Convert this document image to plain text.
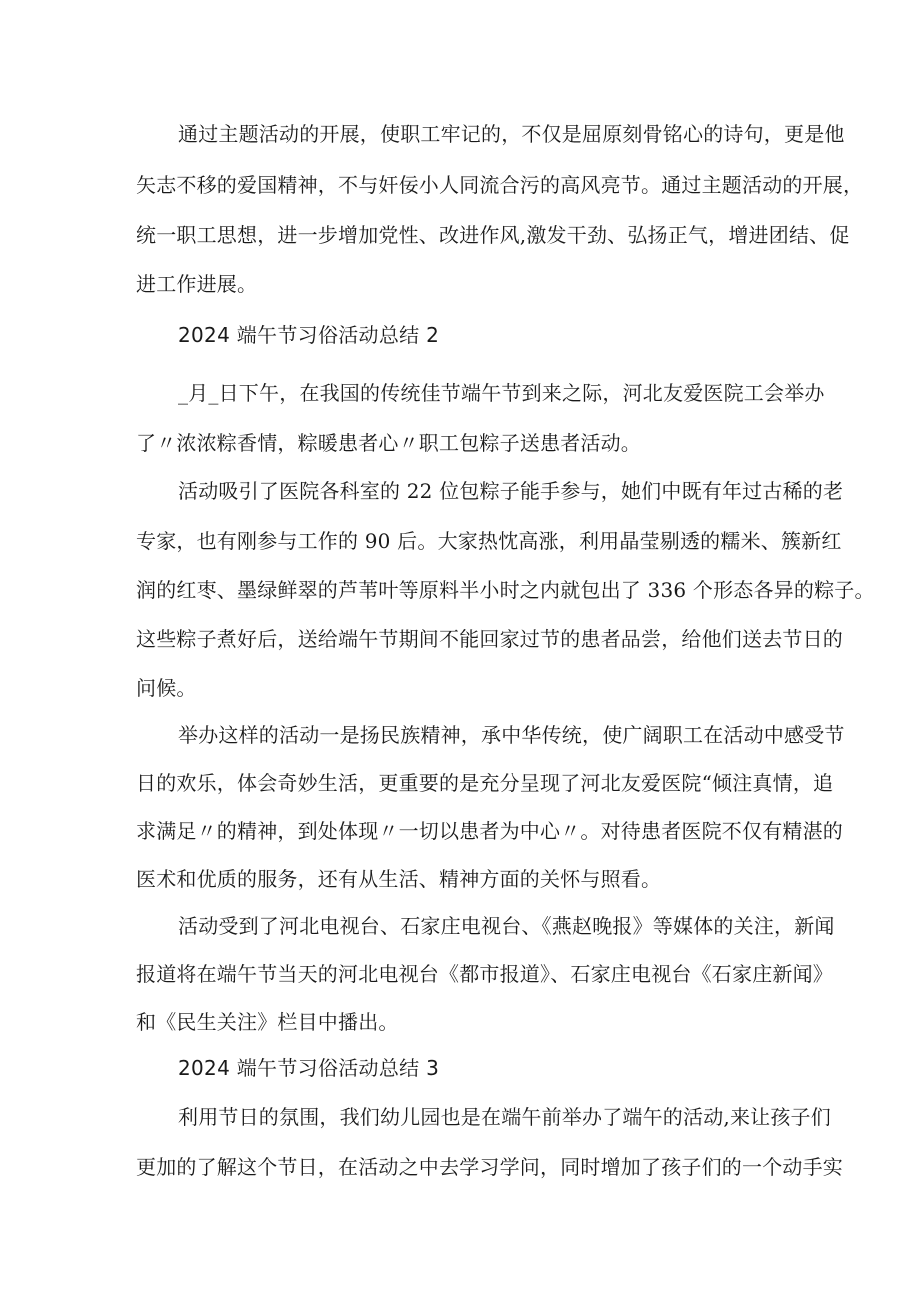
通过主题活动的开展，使职工牢记的，不仅是屈原刻骨铭心的诗句，更是他
矢志不移的爱国精神，不与奸佞小人同流合污的高风亮节。通过主题活动的开展，
统一职工思想，进一步增加党性、改进作风,激发干劲、弘扬正气，增进团结、促
进工作进展。
2024 端午节习俗活动总结 2
_月_日下午，在我国的传统佳节端午节到来之际，河北友爱医院工会举办
了〃浓浓粽香情，粽暖患者心〃职工包粽子送患者活动。
活动吸引了医院各科室的 22 位包粽子能手参与，她们中既有年过古稀的老
专家，也有刚参与工作的 90 后。大家热忱高涨，利用晶莹剔透的糯米、簇新红
润的红枣、墨绿鲜翠的芦苇叶等原料半小时之内就包出了 336 个形态各异的粽子。
这些粽子煮好后，送给端午节期间不能回家过节的患者品尝，给他们送去节日的
问候。
举办这样的活动一是扬民族精神，承中华传统，使广阔职工在活动中感受节
日的欢乐，体会奇妙生活，更重要的是充分呈现了河北友爱医院“倾注真情，追
求满足〃的精神，到处体现〃一切以患者为中心〃。对待患者医院不仅有精湛的
医术和优质的服务，还有从生活、精神方面的关怀与照看。
活动受到了河北电视台、石家庄电视台、《燕赵晚报》等媒体的关注，新闻
报道将在端午节当天的河北电视台《都市报道》、石家庄电视台《石家庄新闻》
和《民生关注》栏目中播出。
2024 端午节习俗活动总结 3
利用节日的氛围，我们幼儿园也是在端午前举办了端午的活动,来让孩子们
更加的了解这个节日，在活动之中去学习学问，同时增加了孩子们的一个动手实
